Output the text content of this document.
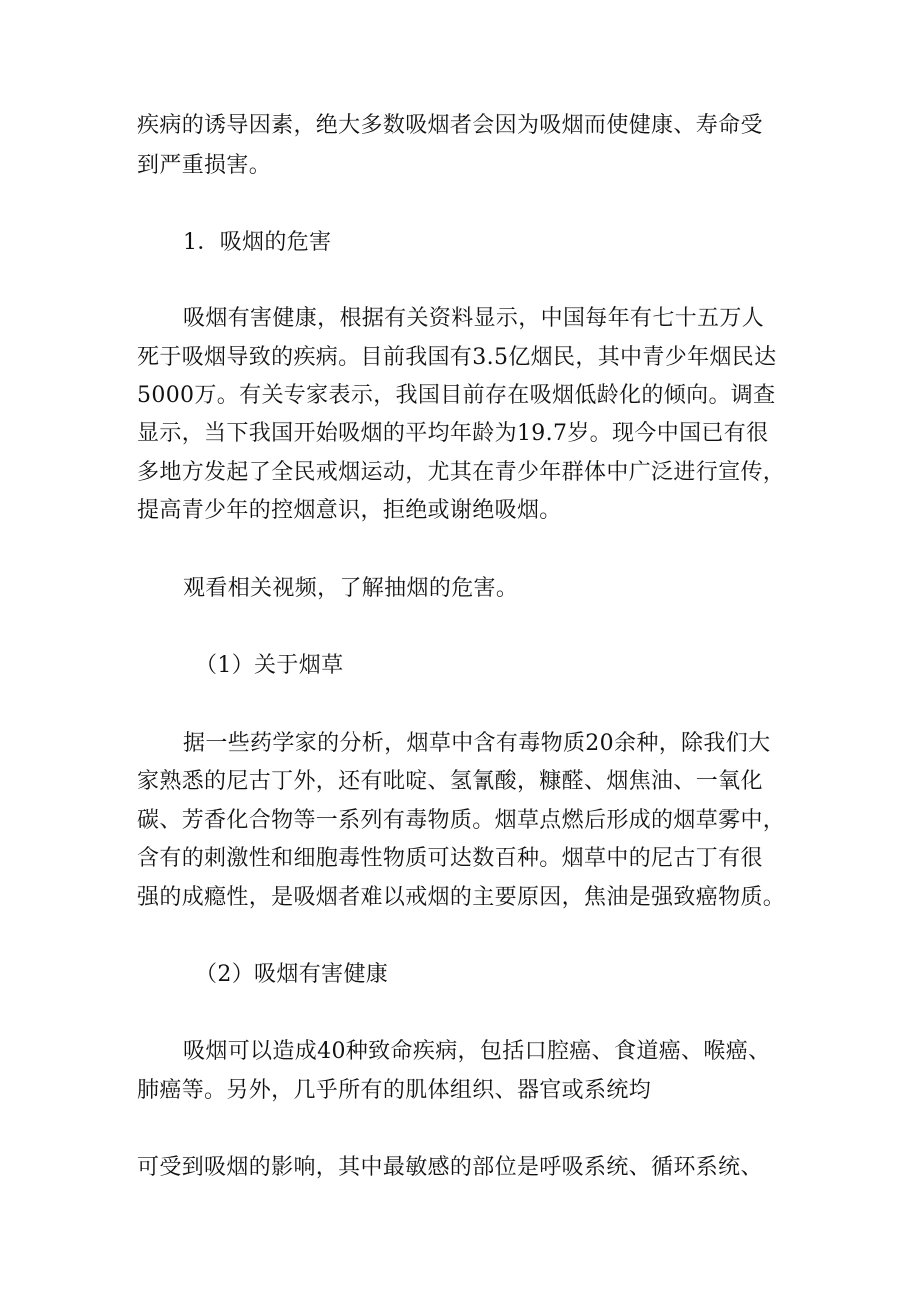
疾病的诱导因素，绝大多数吸烟者会因为吸烟而使健康、寿命受

到严重损害。

1．吸烟的危害

吸烟有害健康，根据有关资料显示，中国每年有七十五万人

死于吸烟导致的疾病。目前我国有3.5亿烟民，其中青少年烟民达

5000万。有关专家表示，我国目前存在吸烟低龄化的倾向。调查

显示，当下我国开始吸烟的平均年龄为19.7岁。现今中国已有很

多地方发起了全民戒烟运动，尤其在青少年群体中广泛进行宣传，

提高青少年的控烟意识，拒绝或谢绝吸烟。

观看相关视频，了解抽烟的危害。

（1）关于烟草

据一些药学家的分析，烟草中含有毒物质20余种，除我们大

家熟悉的尼古丁外，还有吡啶、氢氰酸，糠醛、烟焦油、一氧化

碳、芳香化合物等一系列有毒物质。烟草点燃后形成的烟草雾中，

含有的刺激性和细胞毒性物质可达数百种。烟草中的尼古丁有很

强的成瘾性，是吸烟者难以戒烟的主要原因，焦油是强致癌物质。

（2）吸烟有害健康

吸烟可以造成40种致命疾病，包括口腔癌、食道癌、喉癌、

肺癌等。另外，几乎所有的肌体组织、器官或系统均

可受到吸烟的影响，其中最敏感的部位是呼吸系统、循环系统、
